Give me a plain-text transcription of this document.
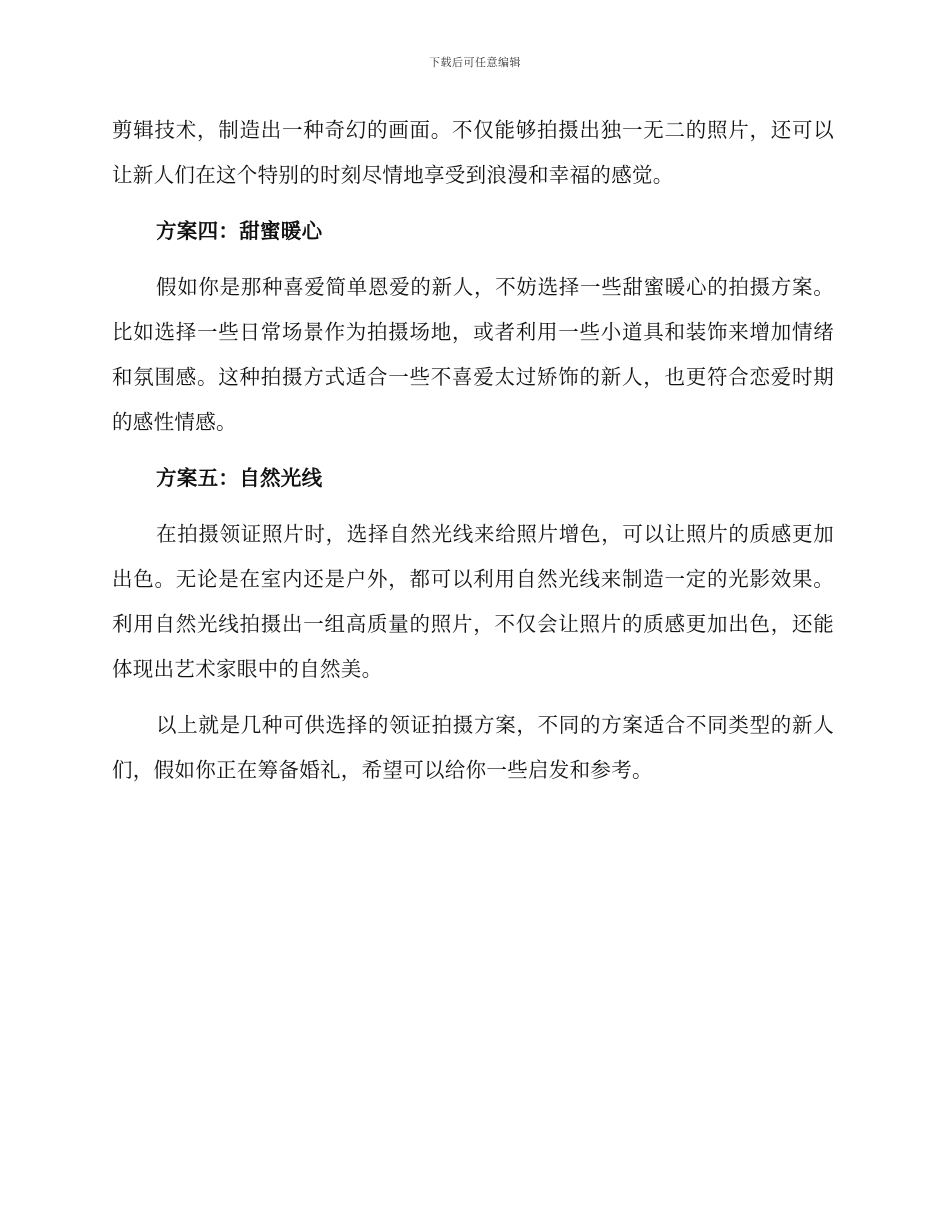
下载后可任意编辑

剪辑技术，制造出一种奇幻的画面。不仅能够拍摄出独一无二的照片，还可以让新人们在这个特别的时刻尽情地享受到浪漫和幸福的感觉。

方案四：甜蜜暖心

假如你是那种喜爱简单恩爱的新人，不妨选择一些甜蜜暖心的拍摄方案。比如选择一些日常场景作为拍摄场地，或者利用一些小道具和装饰来增加情绪和氛围感。这种拍摄方式适合一些不喜爱太过矫饰的新人，也更符合恋爱时期的感性情感。

方案五：自然光线

在拍摄领证照片时，选择自然光线来给照片增色，可以让照片的质感更加出色。无论是在室内还是户外，都可以利用自然光线来制造一定的光影效果。利用自然光线拍摄出一组高质量的照片，不仅会让照片的质感更加出色，还能体现出艺术家眼中的自然美。

以上就是几种可供选择的领证拍摄方案，不同的方案适合不同类型的新人们，假如你正在筹备婚礼，希望可以给你一些启发和参考。
